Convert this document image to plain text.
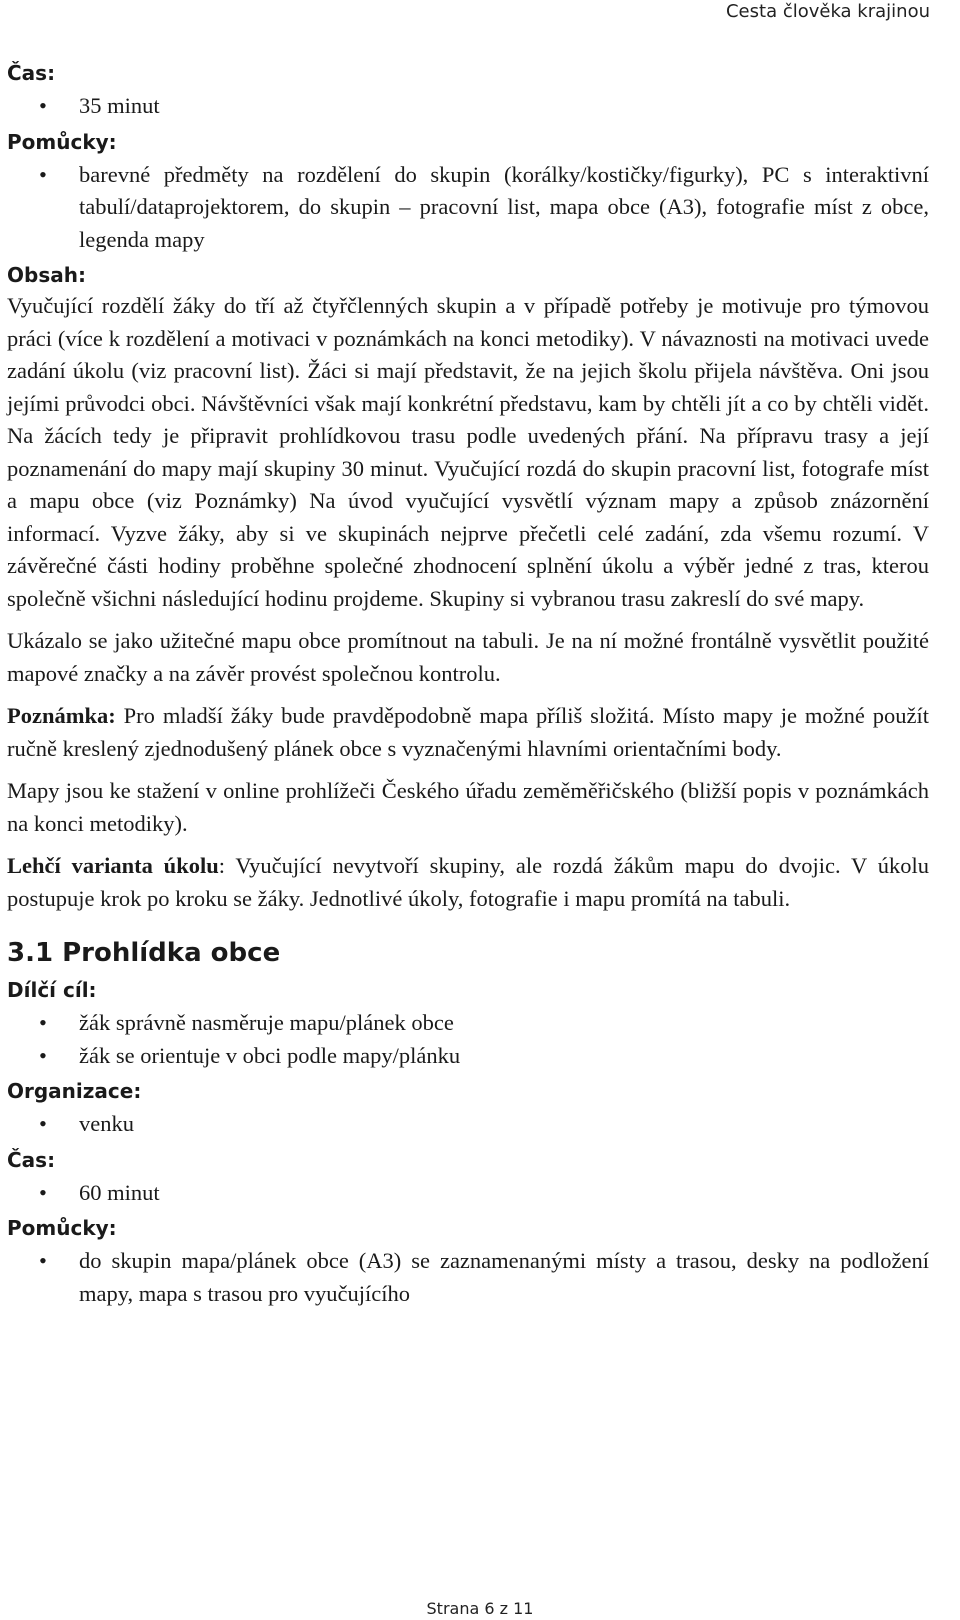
Cesta člověka krajinou
Čas:
• 35 minut
Pomůcky:
• barevné předměty na rozdělení do skupin (korálky/kostičky/figurky), PC s interaktivní tabulí/dataprojektorem, do skupin – pracovní list, mapa obce (A3), fotografie míst z obce, legenda mapy
Obsah:

Vyučující rozdělí žáky do tří až čtyřčlenných skupin a v případě potřeby je motivuje pro týmovou práci (více k rozdělení a motivaci v poznámkách na konci metodiky). V návaznosti na motivaci uvede zadání úkolu (viz pracovní list). Žáci si mají představit, že na jejich školu přijela návštěva. Oni jsou jejími průvodci obci. Návštěvníci však mají konkrétní představu, kam by chtěli jít a co by chtěli vidět. Na žácích tedy je připravit prohlídkovou trasu podle uvedených přání. Na přípravu trasy a její poznamenání do mapy mají skupiny 30 minut. Vyučující rozdá do skupin pracovní list, fotografe míst a mapu obce (viz Poznámky) Na úvod vyučující vysvětlí význam mapy a způsob znázornění informací. Vyzve žáky, aby si ve skupinách nejprve přečetli celé zadání, zda všemu rozumí. V závěrečné části hodiny proběhne společné zhodnocení splnění úkolu a výběr jedné z tras, kterou společně všichni následující hodinu projdeme. Skupiny si vybranou trasu zakreslí do své mapy.

Ukázalo se jako užitečné mapu obce promítnout na tabuli. Je na ní možné frontálně vysvětlit použité mapové značky a na závěr provést společnou kontrolu.

Poznámka: Pro mladší žáky bude pravděpodobně mapa příliš složitá. Místo mapy je možné použít ručně kreslený zjednodušený plánek obce s vyznačenými hlavními orientačními body.

Mapy jsou ke stažení v online prohlížeči Českého úřadu zeměměřičského (bližší popis v poznámkách na konci metodiky).

Lehčí varianta úkolu: Vyučující nevytvoří skupiny, ale rozdá žákům mapu do dvojic. V úkolu postupuje krok po kroku se žáky. Jednotlivé úkoly, fotografie i mapu promítá na tabuli.

3.1 Prohlídka obce
Dílčí cíl:
• žák správně nasměruje mapu/plánek obce
• žák se orientuje v obci podle mapy/plánku
Organizace:
• venku
Čas:
• 60 minut
Pomůcky:
• do skupin mapa/plánek obce (A3) se zaznamenanými místy a trasou, desky na podložení mapy, mapa s trasou pro vyučujícího
Strana 6 z 11
